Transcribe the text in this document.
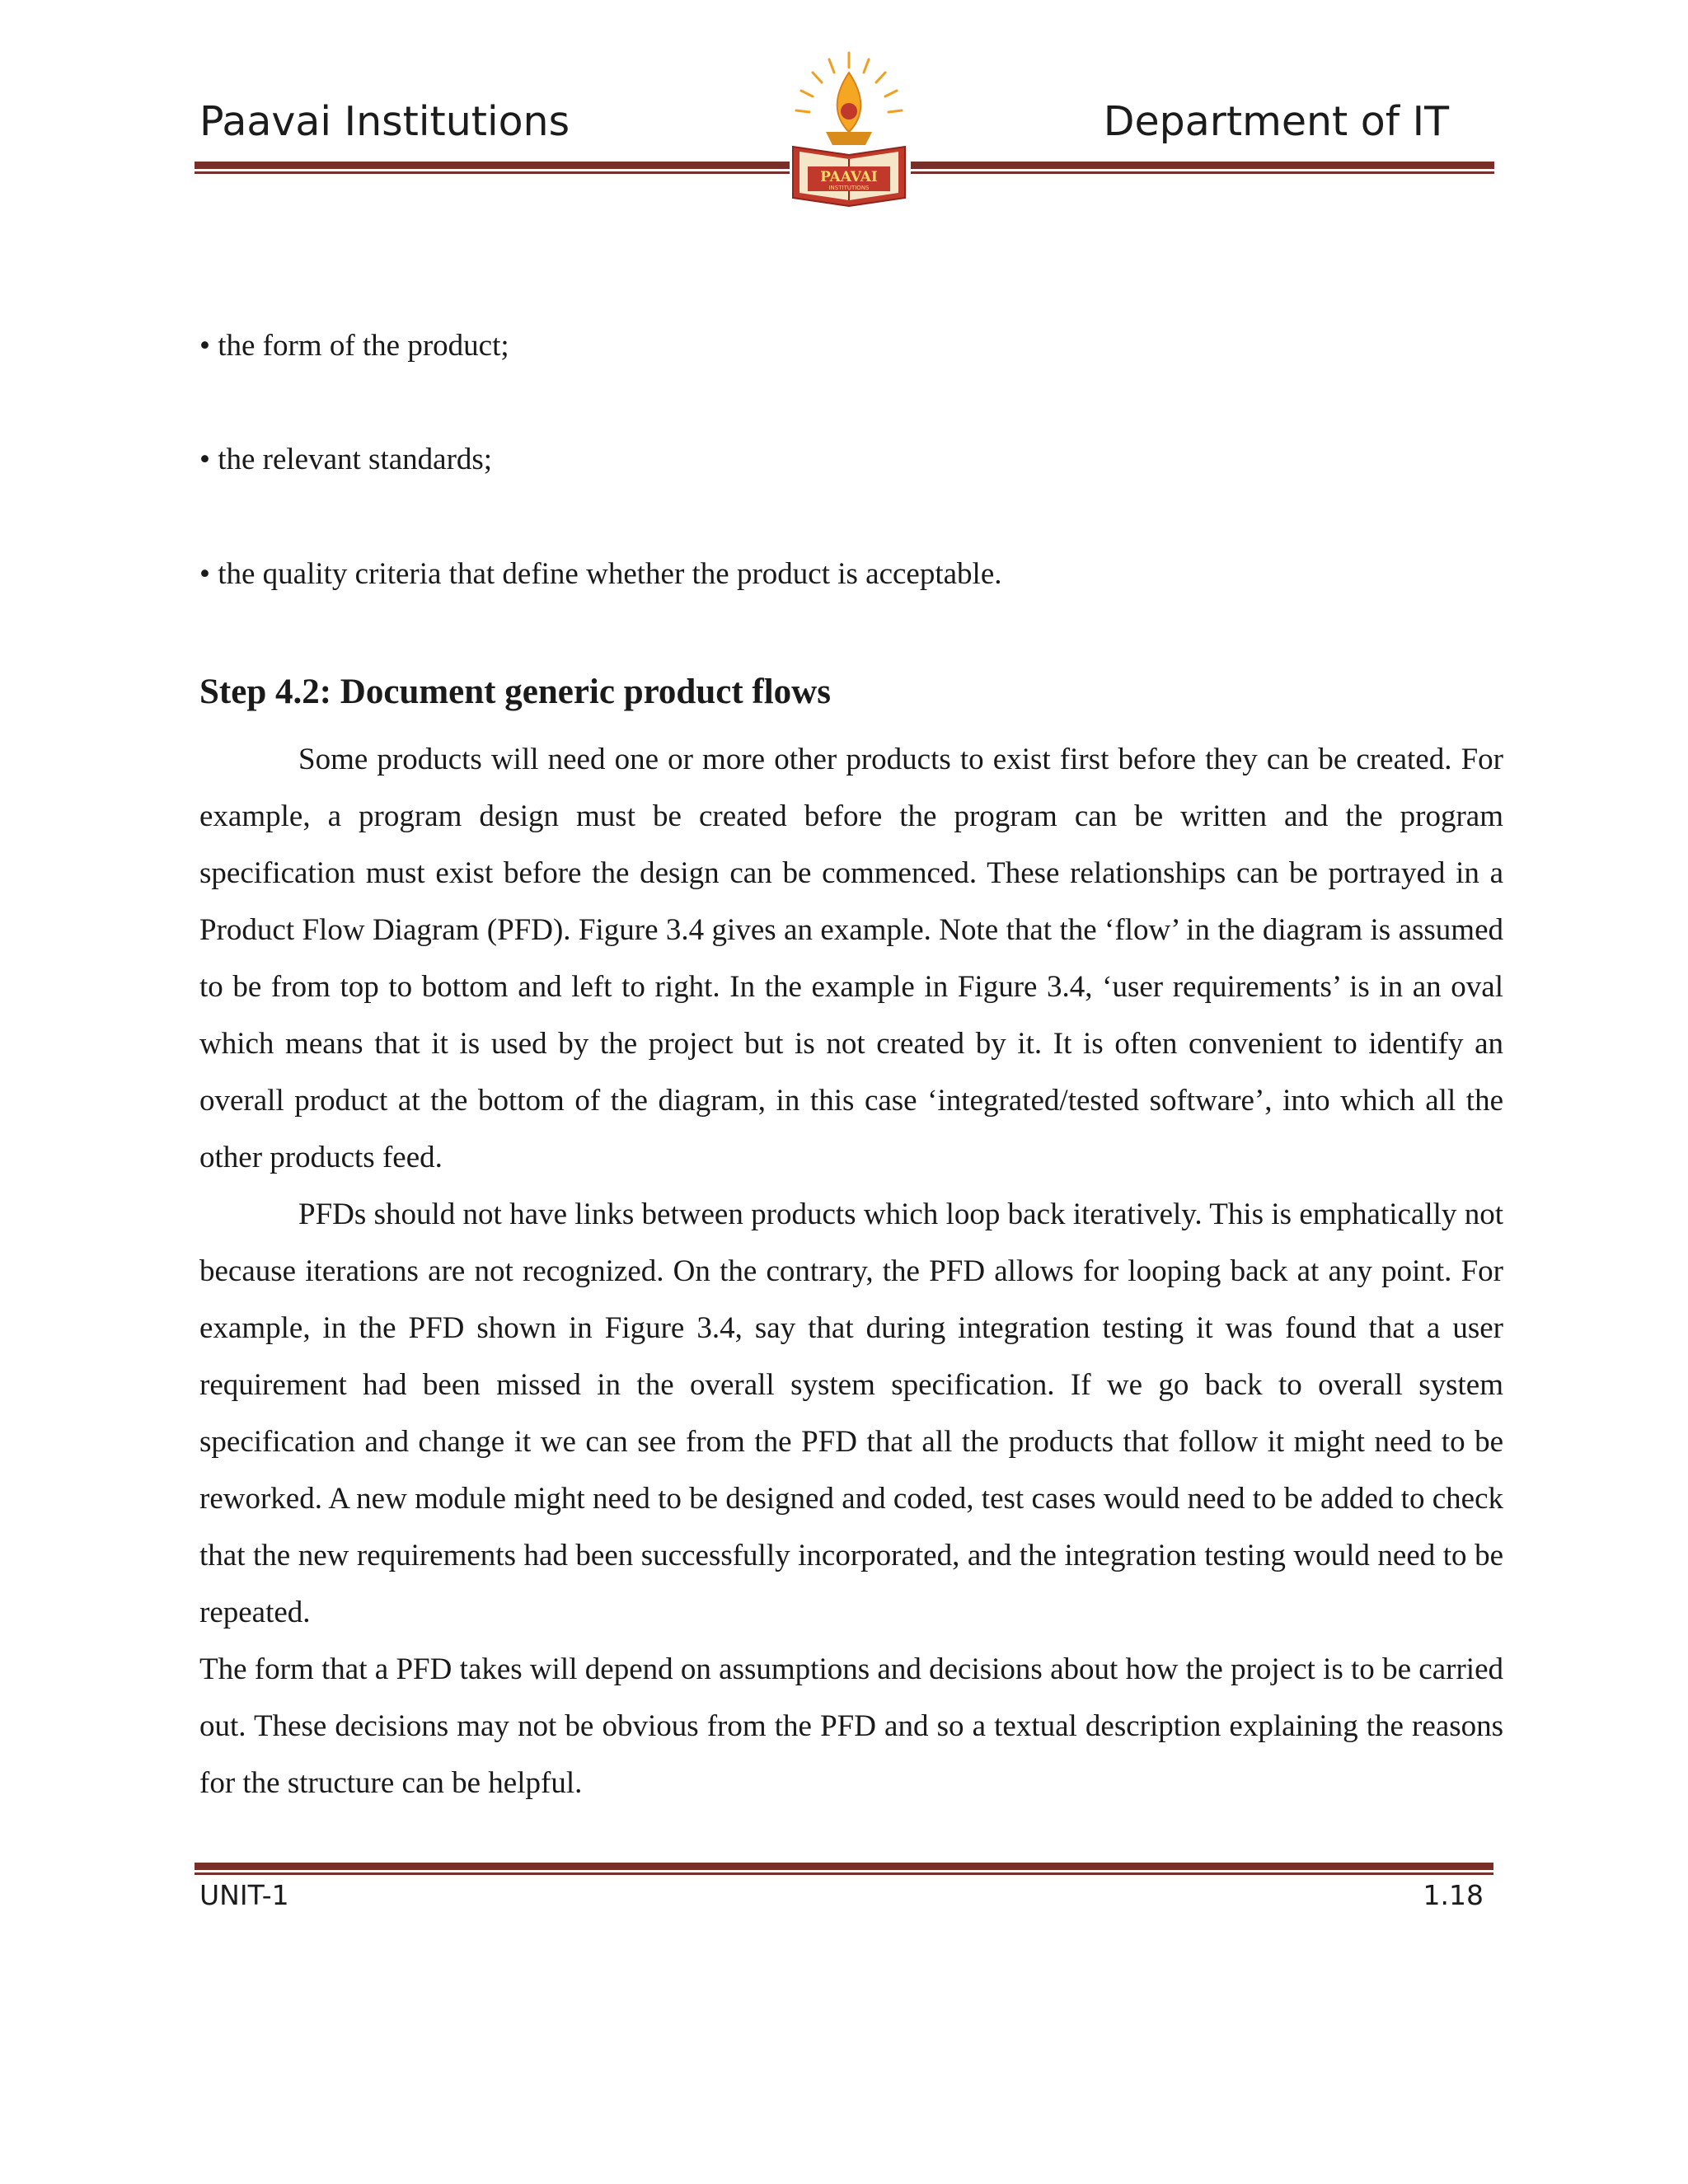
Paavai Institutions	Department of IT
PAAVAI
INSTITUTIONS
• the form of the product;
• the relevant standards;
• the quality criteria that define whether the product is acceptable.
Step 4.2: Document generic product flows

Some products will need one or more other products to exist first before they can be created. For example, a program design must be created before the program can be written and the program specification must exist before the design can be commenced. These relationships can be portrayed in a Product Flow Diagram (PFD). Figure 3.4 gives an example. Note that the ‘flow’ in the diagram is assumed to be from top to bottom and left to right. In the example in Figure 3.4, ‘user requirements’ is in an oval which means that it is used by the project but is not created by it. It is often convenient to identify an overall product at the bottom of the diagram, in this case ‘integrated/tested software’, into which all the other products feed.

PFDs should not have links between products which loop back iteratively. This is emphatically not because iterations are not recognized. On the contrary, the PFD allows for looping back at any point. For example, in the PFD shown in Figure 3.4, say that during integration testing it was found that a user requirement had been missed in the overall system specification. If we go back to overall system specification and change it we can see from the PFD that all the products that follow it might need to be reworked. A new module might need to be designed and coded, test cases would need to be added to check that the new requirements had been successfully incorporated, and the integration testing would need to be repeated.

The form that a PFD takes will depend on assumptions and decisions about how the project is to be carried out. These decisions may not be obvious from the PFD and so a textual description explaining the reasons for the structure can be helpful.

UNIT-1	1.18
